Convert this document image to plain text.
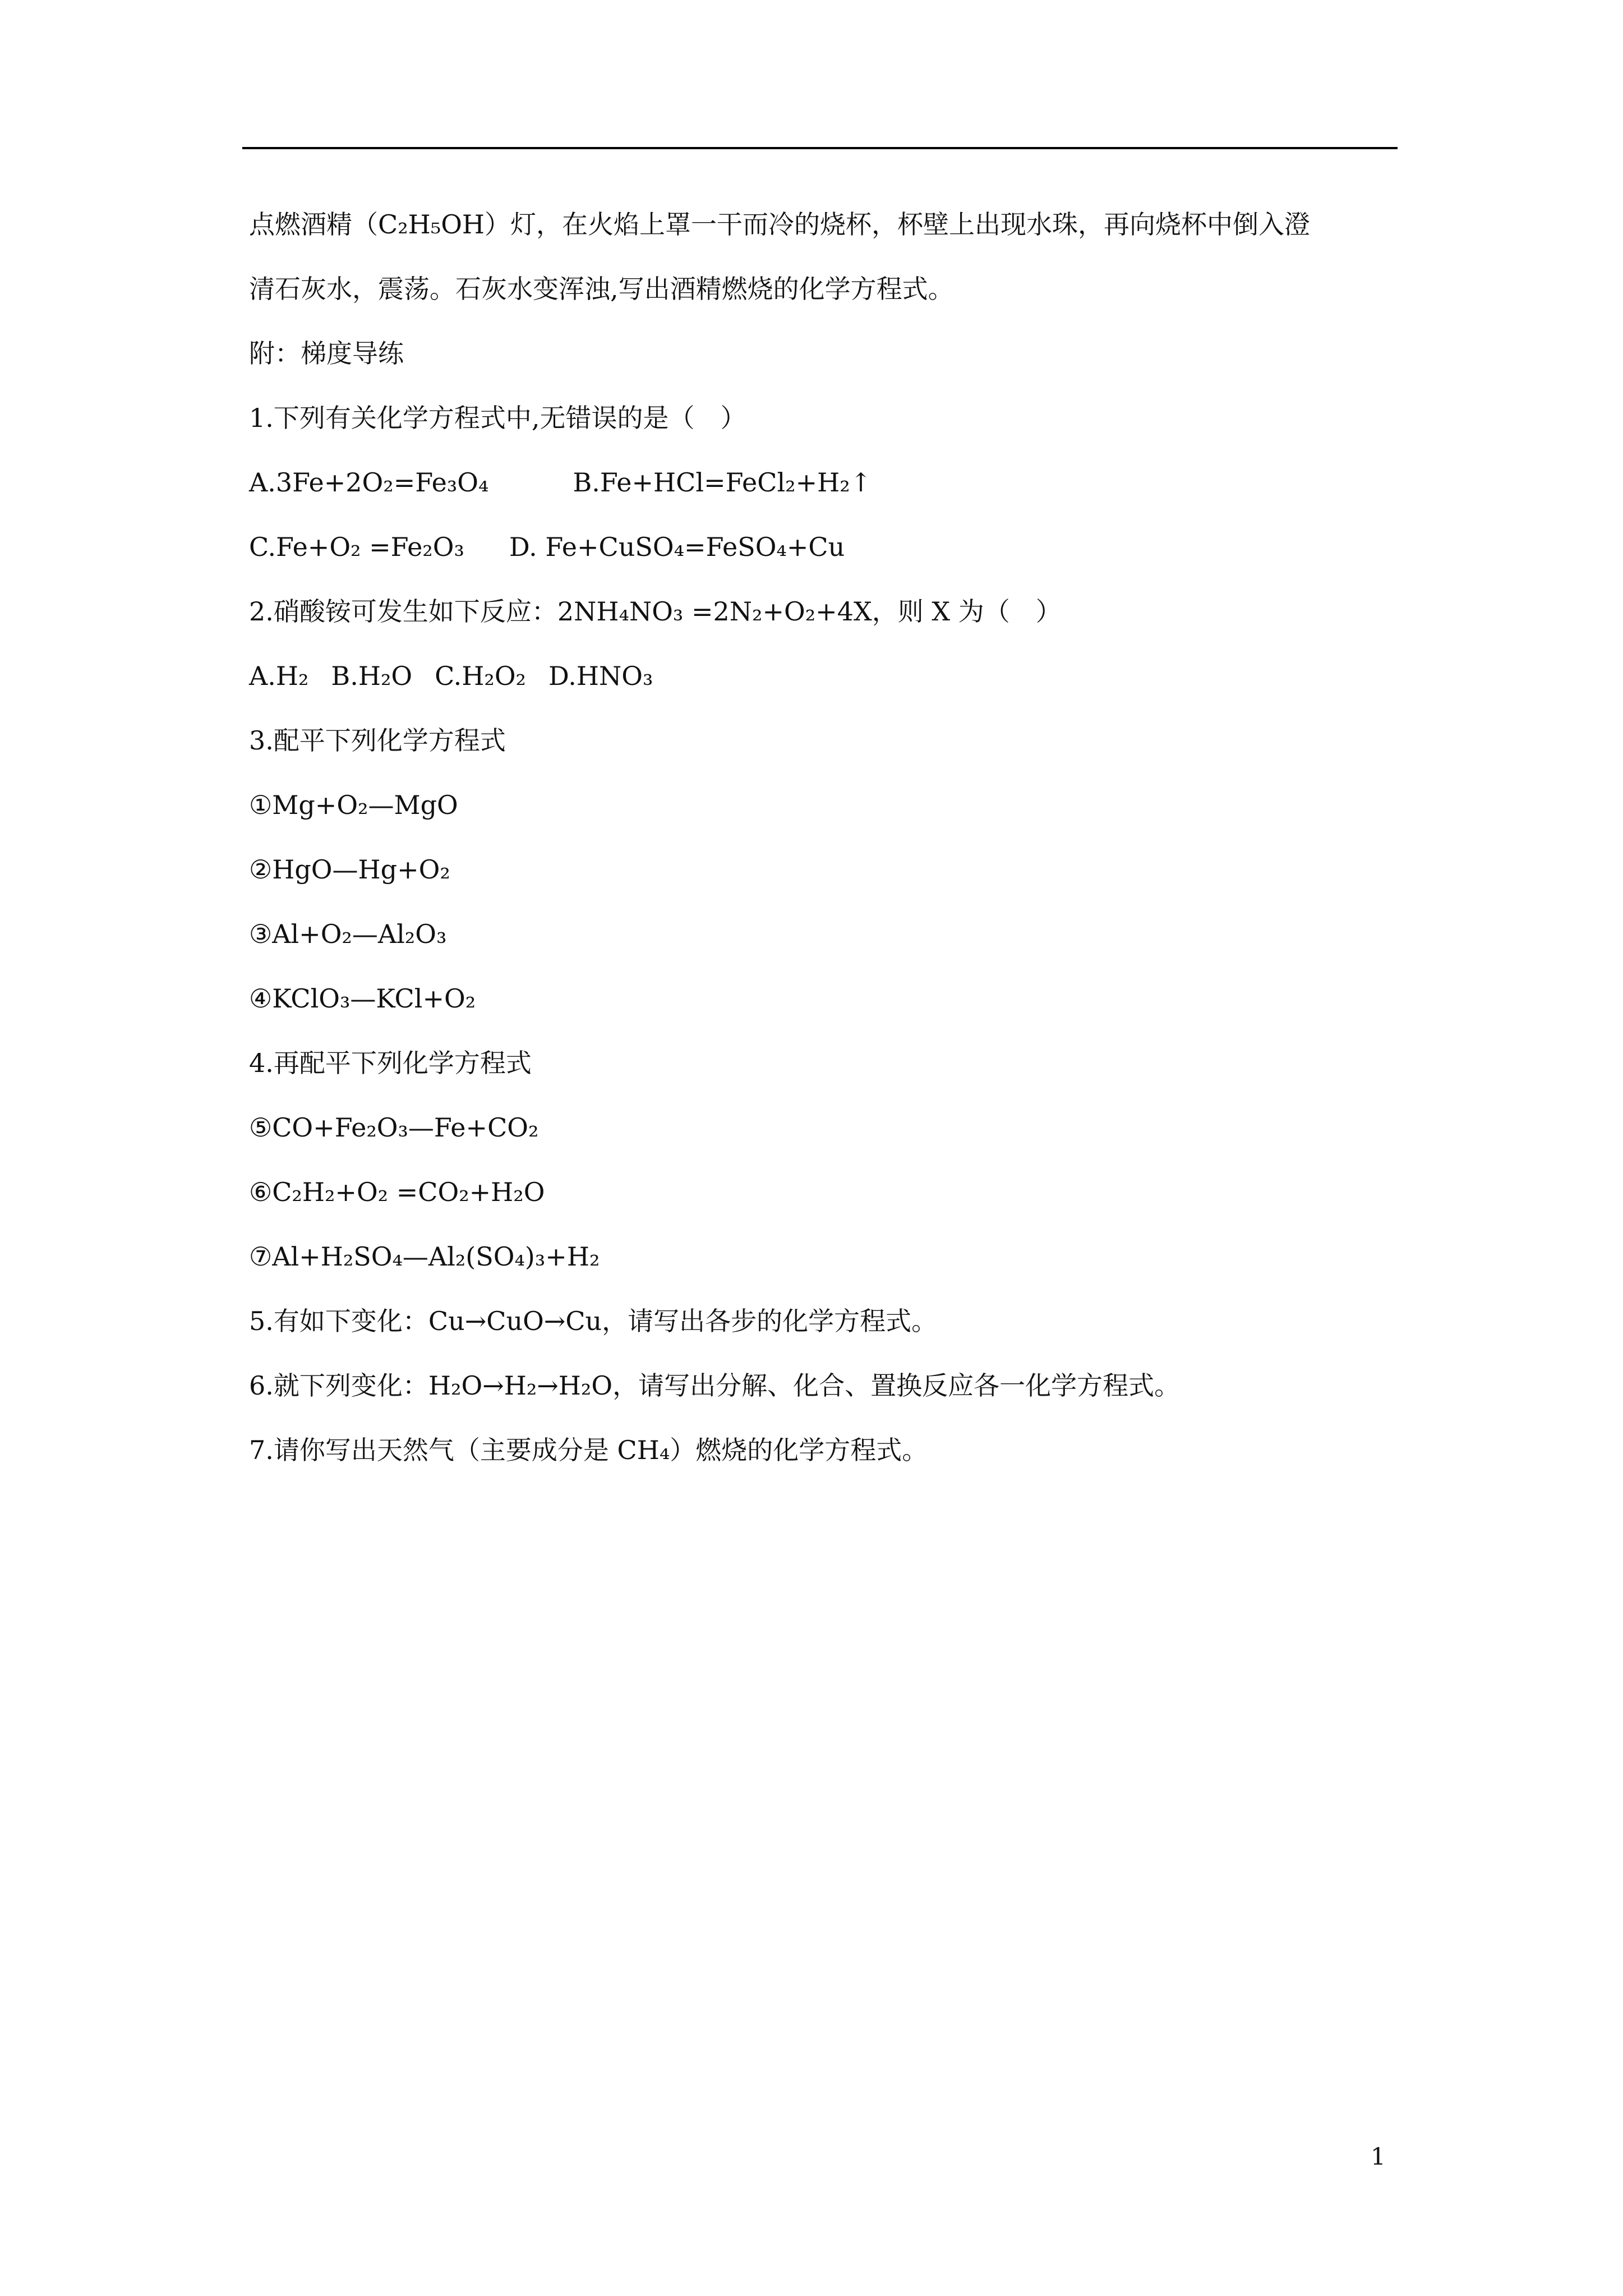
点燃酒精（C₂H₅OH）灯，在火焰上罩一干而冷的烧杯，杯壁上出现水珠，再向烧杯中倒入澄
清石灰水，震荡。石灰水变浑浊,写出酒精燃烧的化学方程式。
附：梯度导练
1.下列有关化学方程式中,无错误的是（　）
A.3Fe+2O₂=Fe₃O₄	B.Fe+HCl=FeCl₂+H₂↑
C.Fe+O₂ =Fe₂O₃ D. Fe+CuSO₄=FeSO₄+Cu
2.硝酸铵可发生如下反应：2NH₄NO₃ =2N₂+O₂+4X，则 X 为（　）
A.H₂ B.H₂O C.H₂O₂ D.HNO₃
3.配平下列化学方程式
①Mg+O₂—MgO
②HgO—Hg+O₂
③Al+O₂—Al₂O₃
④KClO₃—KCl+O₂
4.再配平下列化学方程式
⑤CO+Fe₂O₃—Fe+CO₂
⑥C₂H₂+O₂ =CO₂+H₂O
⑦Al+H₂SO₄—Al₂(SO₄)₃+H₂
5.有如下变化：Cu→CuO→Cu，请写出各步的化学方程式。
6.就下列变化：H₂O→H₂→H₂O，请写出分解、化合、置换反应各一化学方程式。
7.请你写出天然气（主要成分是 CH₄）燃烧的化学方程式。
1
